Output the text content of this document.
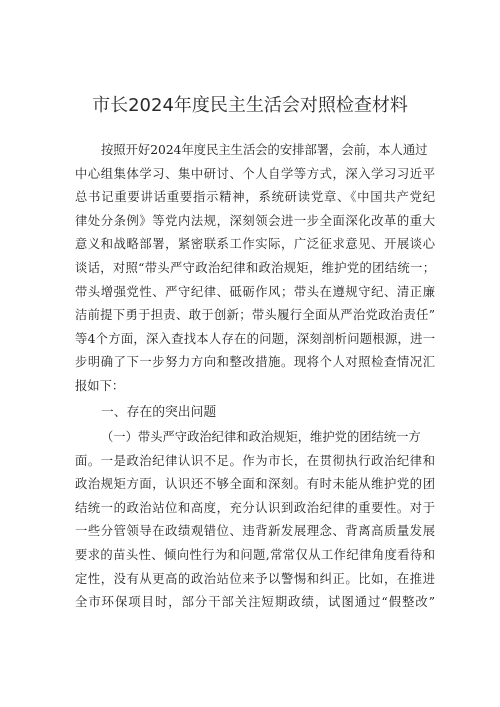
市长2024年度民主生活会对照检查材料
按照开好2024年度民主生活会的安排部署，会前，本人通过
中心组集体学习、集中研讨、个人自学等方式，深入学习习近平
总书记重要讲话重要指示精神，系统研读党章、《中国共产党纪
律处分条例》等党内法规，深刻领会进一步全面深化改革的重大
意义和战略部署，紧密联系工作实际，广泛征求意见、开展谈心
谈话，对照“带头严守政治纪律和政治规矩，维护党的团结统一；
带头增强党性、严守纪律、砥砺作风；带头在遵规守纪、清正廉
洁前提下勇于担责、敢于创新；带头履行全面从严治党政治责任”
等4个方面，深入查找本人存在的问题，深刻剖析问题根源，进一
步明确了下一步努力方向和整改措施。现将个人对照检查情况汇
报如下：
一、存在的突出问题
（一）带头严守政治纪律和政治规矩，维护党的团结统一方
面。一是政治纪律认识不足。作为市长，在贯彻执行政治纪律和
政治规矩方面，认识还不够全面和深刻。有时未能从维护党的团
结统一的政治站位和高度，充分认识到政治纪律的重要性。对于
一些分管领导在政绩观错位、违背新发展理念、背离高质量发展
要求的苗头性、倾向性行为和问题,常常仅从工作纪律角度看待和
定性，没有从更高的政治站位来予以警惕和纠正。比如，在推进
全市环保项目时，部分干部关注短期政绩，试图通过“假整改”
